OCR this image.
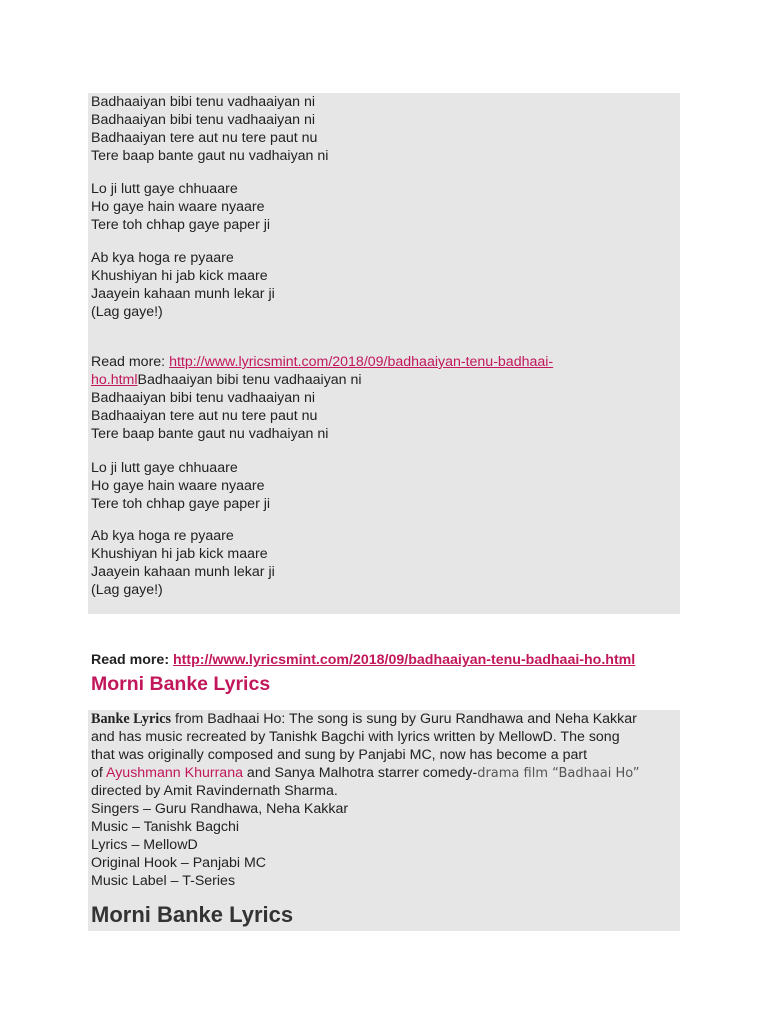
Badhaaiyan bibi tenu vadhaaiyan ni
Badhaaiyan bibi tenu vadhaaiyan ni
Badhaaiyan tere aut nu tere paut nu
Tere baap bante gaut nu vadhaiyan ni
Lo ji lutt gaye chhuaare
Ho gaye hain waare nyaare
Tere toh chhap gaye paper ji
Ab kya hoga re pyaare
Khushiyan hi jab kick maare
Jaayein kahaan munh lekar ji
(Lag gaye!)
Read more: http://www.lyricsmint.com/2018/09/badhaaiyan-tenu-badhaai-
ho.htmlBadhaaiyan bibi tenu vadhaaiyan ni
Badhaaiyan bibi tenu vadhaaiyan ni
Badhaaiyan tere aut nu tere paut nu
Tere baap bante gaut nu vadhaiyan ni
Lo ji lutt gaye chhuaare
Ho gaye hain waare nyaare
Tere toh chhap gaye paper ji
Ab kya hoga re pyaare
Khushiyan hi jab kick maare
Jaayein kahaan munh lekar ji
(Lag gaye!)
Read more: http://www.lyricsmint.com/2018/09/badhaaiyan-tenu-badhaai-ho.html
Morni Banke Lyrics
Banke Lyrics from Badhaai Ho: The song is sung by Guru Randhawa and Neha Kakkar
and has music recreated by Tanishk Bagchi with lyrics written by MellowD. The song
that was originally composed and sung by Panjabi MC, now has become a part
of Ayushmann Khurrana and Sanya Malhotra starrer comedy-drama film “Badhaai Ho”
directed by Amit Ravindernath Sharma.
Singers – Guru Randhawa, Neha Kakkar
Music – Tanishk Bagchi
Lyrics – MellowD
Original Hook – Panjabi MC
Music Label – T-Series
Morni Banke Lyrics
